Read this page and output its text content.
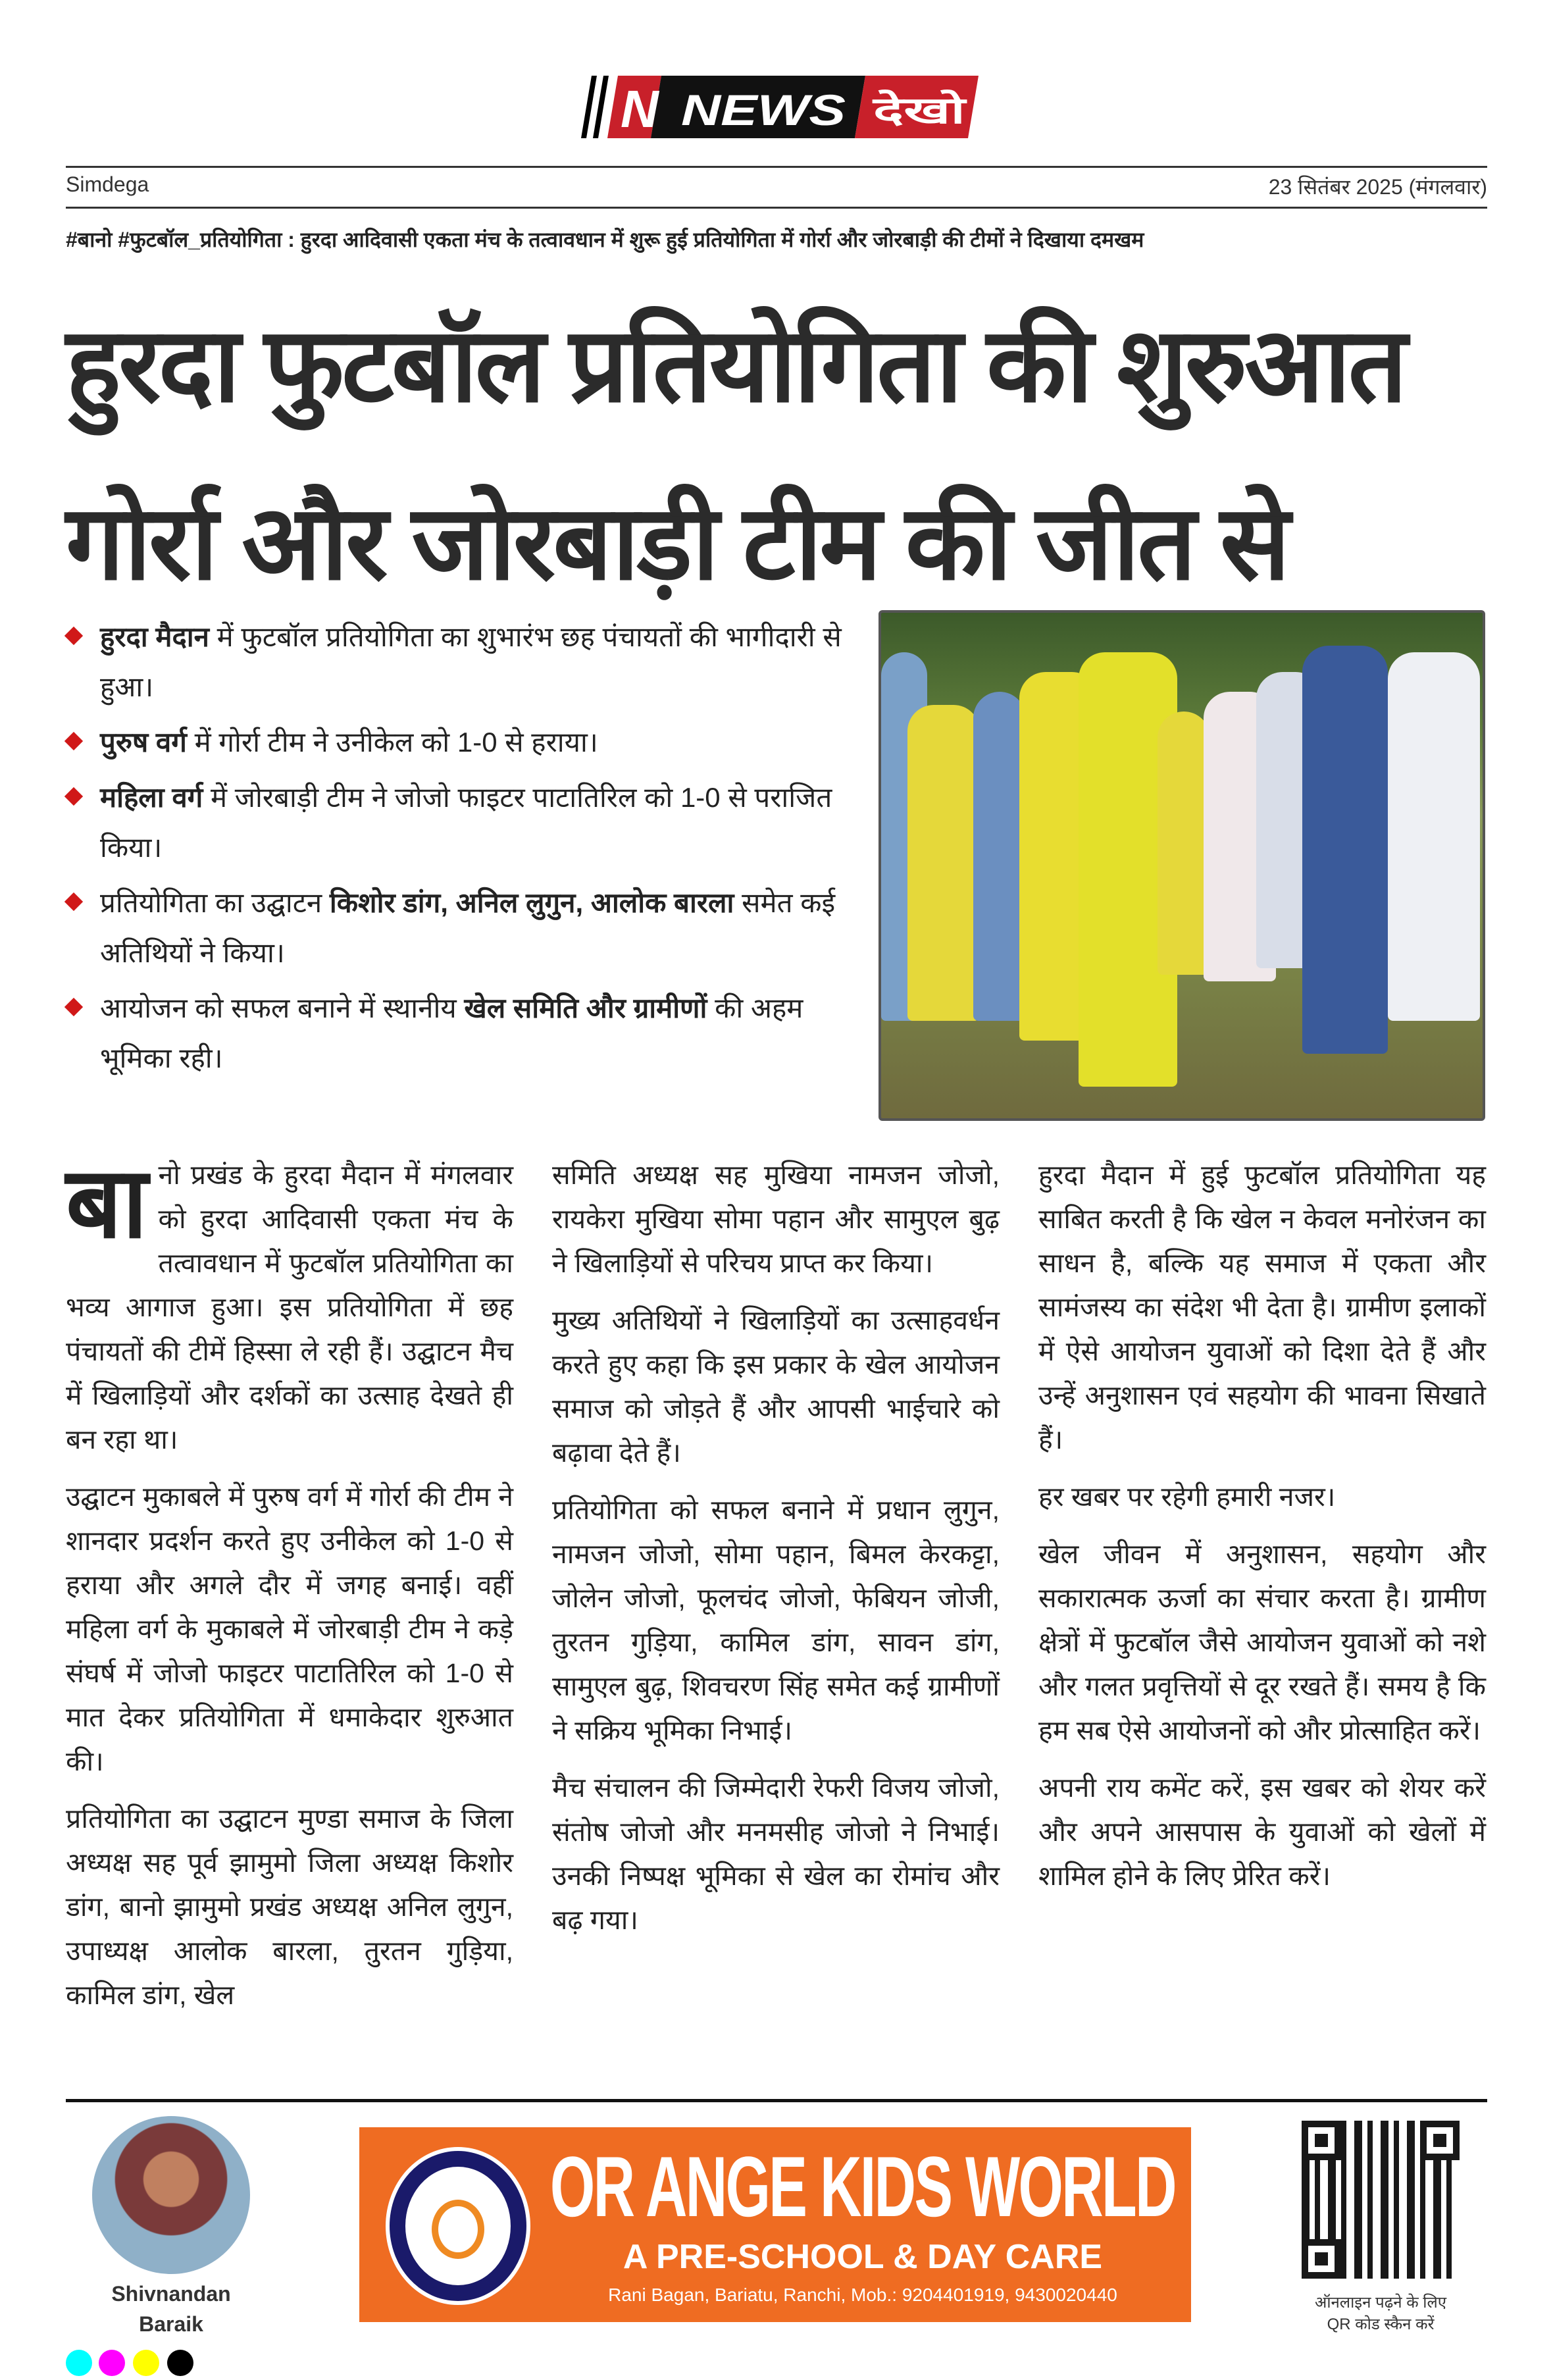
N NEWS देखो
Simdega	23 सितंबर 2025 (मंगलवार)
#बानो #फुटबॉल_प्रतियोगिता : हुरदा आदिवासी एकता मंच के तत्वावधान में शुरू हुई प्रतियोगिता में गोर्रा और जोरबाड़ी की टीमों ने दिखाया दमखम
हुरदा फुटबॉल प्रतियोगिता की शुरुआत
गोर्रा और जोरबाड़ी टीम की जीत से
हुरदा मैदान में फुटबॉल प्रतियोगिता का शुभारंभ छह पंचायतों की भागीदारी से हुआ।
पुरुष वर्ग में गोर्रा टीम ने उनीकेल को 1-0 से हराया।
महिला वर्ग में जोरबाड़ी टीम ने जोजो फाइटर पाटातिरिल को 1-0 से पराजित किया।
प्रतियोगिता का उद्घाटन किशोर डांग, अनिल लुगुन, आलोक बारला समेत कई अतिथियों ने किया।
आयोजन को सफल बनाने में स्थानीय खेल समिति और ग्रामीणों की अहम भूमिका रही।

बानो प्रखंड के हुरदा मैदान में मंगलवार को हुरदा आदिवासी एकता मंच के तत्वावधान में फुटबॉल प्रतियोगिता का भव्य आगाज हुआ। इस प्रतियोगिता में छह पंचायतों की टीमें हिस्सा ले रही हैं। उद्घाटन मैच में खिलाड़ियों और दर्शकों का उत्साह देखते ही बन रहा था।

उद्घाटन मुकाबले में पुरुष वर्ग में गोर्रा की टीम ने शानदार प्रदर्शन करते हुए उनीकेल को 1-0 से हराया और अगले दौर में जगह बनाई। वहीं महिला वर्ग के मुकाबले में जोरबाड़ी टीम ने कड़े संघर्ष में जोजो फाइटर पाटातिरिल को 1-0 से मात देकर प्रतियोगिता में धमाकेदार शुरुआत की।

प्रतियोगिता का उद्घाटन मुण्डा समाज के जिला अध्यक्ष सह पूर्व झामुमो जिला अध्यक्ष किशोर डांग, बानो झामुमो प्रखंड अध्यक्ष अनिल लुगुन, उपाध्यक्ष आलोक बारला, तुरतन गुड़िया, कामिल डांग, खेल

समिति अध्यक्ष सह मुखिया नामजन जोजो, रायकेरा मुखिया सोमा पहान और सामुएल बुढ़ ने खिलाड़ियों से परिचय प्राप्त कर किया।

मुख्य अतिथियों ने खिलाड़ियों का उत्साहवर्धन करते हुए कहा कि इस प्रकार के खेल आयोजन समाज को जोड़ते हैं और आपसी भाईचारे को बढ़ावा देते हैं।

प्रतियोगिता को सफल बनाने में प्रधान लुगुन, नामजन जोजो, सोमा पहान, बिमल केरकट्टा, जोलेन जोजो, फूलचंद जोजो, फेबियन जोजी, तुरतन गुड़िया, कामिल डांग, सावन डांग, सामुएल बुढ़, शिवचरण सिंह समेत कई ग्रामीणों ने सक्रिय भूमिका निभाई।

मैच संचालन की जिम्मेदारी रेफरी विजय जोजो, संतोष जोजो और मनमसीह जोजो ने निभाई। उनकी निष्पक्ष भूमिका से खेल का रोमांच और बढ़ गया।

हुरदा मैदान में हुई फुटबॉल प्रतियोगिता यह साबित करती है कि खेल न केवल मनोरंजन का साधन है, बल्कि यह समाज में एकता और सामंजस्य का संदेश भी देता है। ग्रामीण इलाकों में ऐसे आयोजन युवाओं को दिशा देते हैं और उन्हें अनुशासन एवं सहयोग की भावना सिखाते हैं।

हर खबर पर रहेगी हमारी नजर।

खेल जीवन में अनुशासन, सहयोग और सकारात्मक ऊर्जा का संचार करता है। ग्रामीण क्षेत्रों में फुटबॉल जैसे आयोजन युवाओं को नशे और गलत प्रवृत्तियों से दूर रखते हैं। समय है कि हम सब ऐसे आयोजनों को और प्रोत्साहित करें।

अपनी राय कमेंट करें, इस खबर को शेयर करें और अपने आसपास के युवाओं को खेलों में शामिल होने के लिए प्रेरित करें।

Shivnandan
Baraik
OR ANGE KIDS WORLD
A PRE-SCHOOL & DAY CARE
Rani Bagan, Bariatu, Ranchi, Mob.: 9204401919, 9430020440	ऑनलाइन पढ़ने के लिए
QR कोड स्कैन करें
